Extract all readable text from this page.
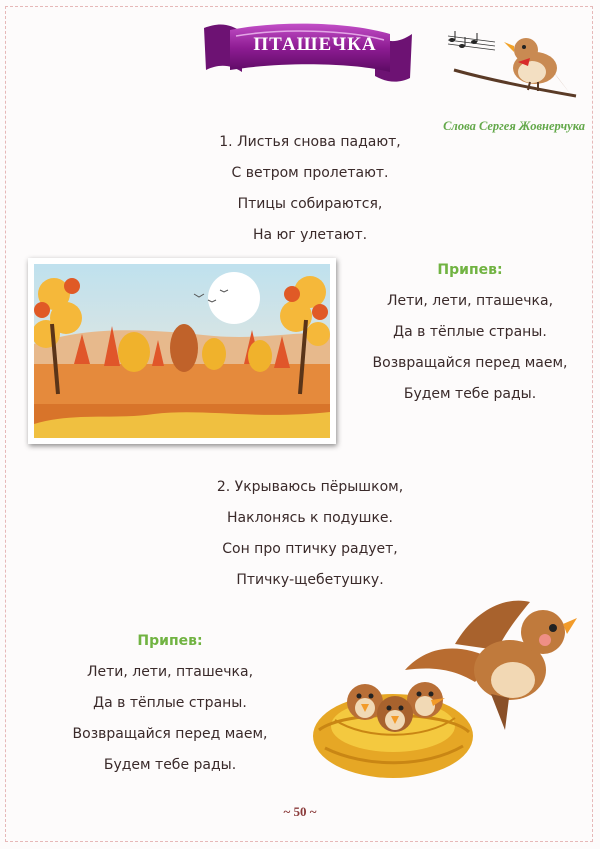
ПТАШЕЧКА
Слова Сергея Жовнерчука
1. Листья снова падают,
С ветром пролетают.
Птицы собираются,
На юг улетают.
Припев:
Лети, лети, пташечка,
Да в тёплые страны.
Возвращайся перед маем,
Будем тебе рады.
2. Укрываюсь пёрышком,
Наклонясь к подушке.
Сон про птичку радует,
Птичку-щебетушку.
Припев:
Лети, лети, пташечка,
Да в тёплые страны.
Возвращайся перед маем,
Будем тебе рады.
~ 50 ~
